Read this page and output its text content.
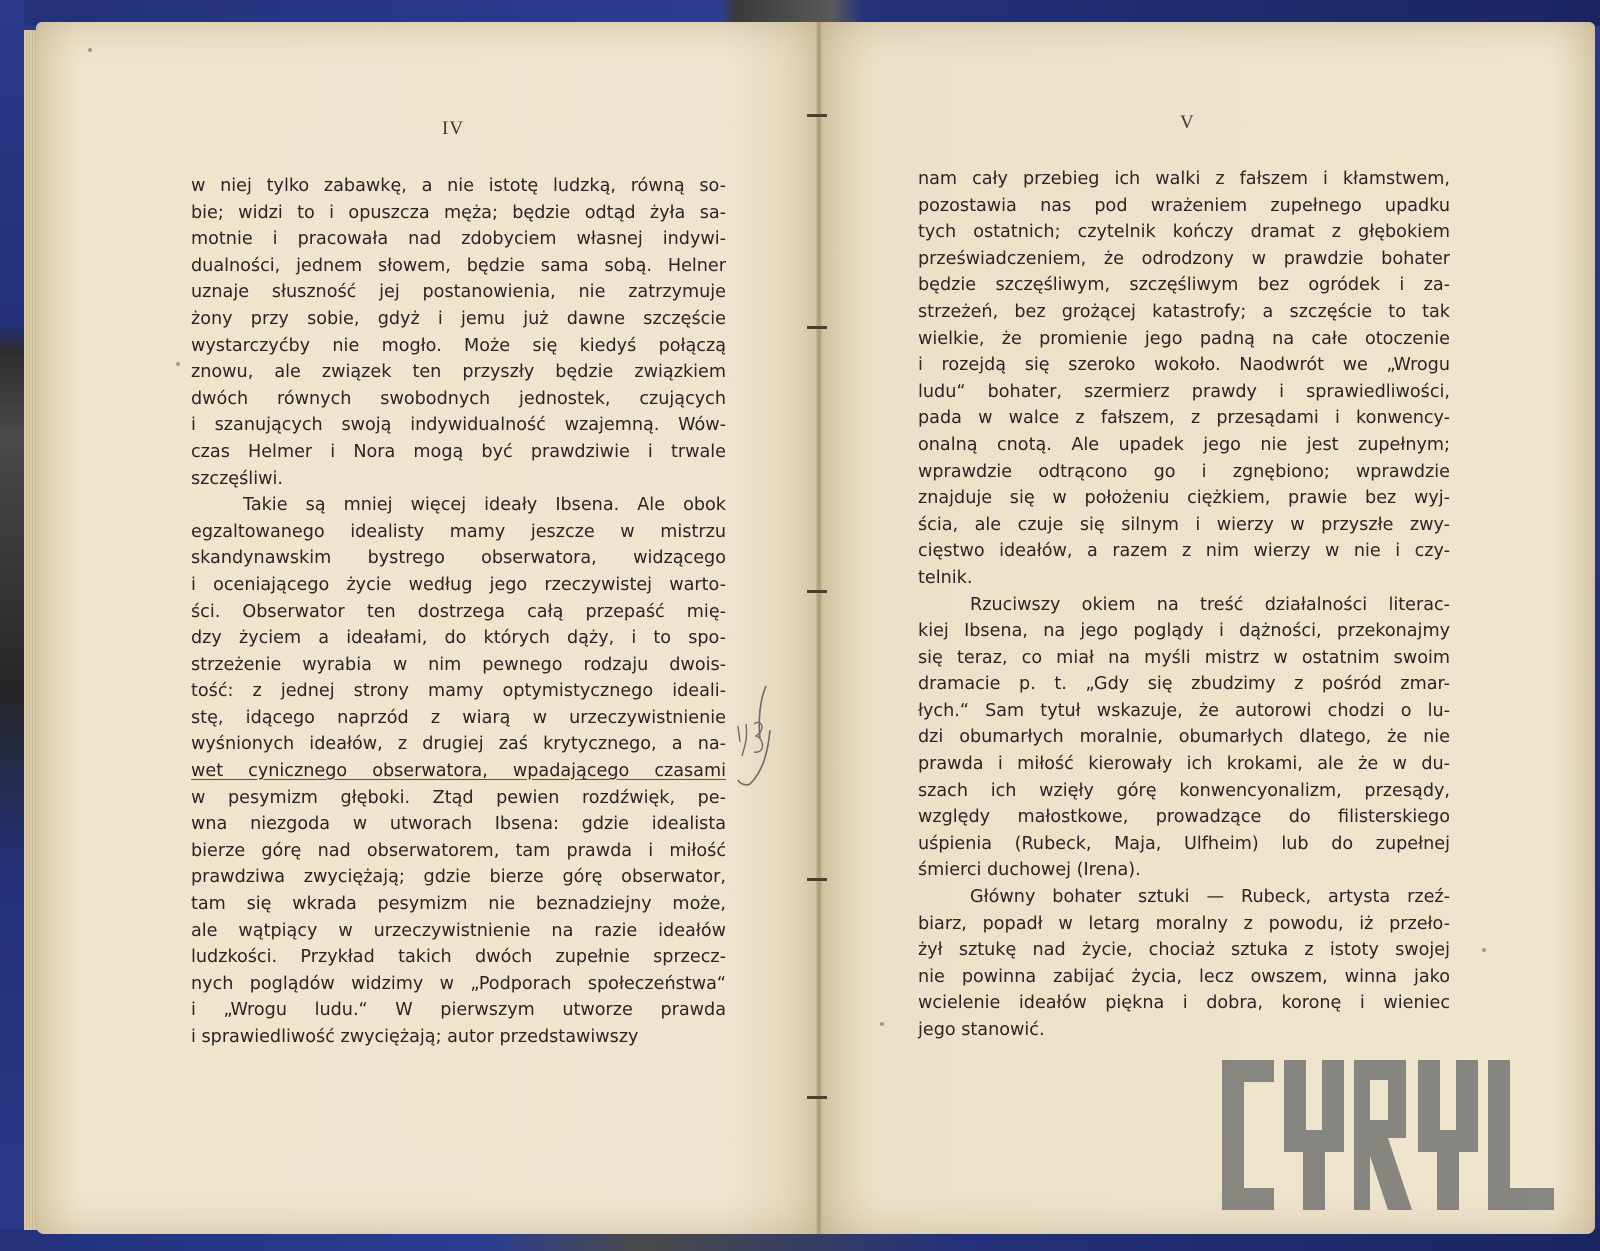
IV	V
w niej tylko zabawkę, a nie istotę ludzką, równą so-
bie; widzi to i opuszcza męża; będzie odtąd żyła sa-
motnie i pracowała nad zdobyciem własnej indywi-
dualności, jednem słowem, będzie sama sobą. Helner
uznaje słuszność jej postanowienia, nie zatrzymuje
żony przy sobie, gdyż i jemu już dawne szczęście
wystarczyćby nie mogło. Może się kiedyś połączą
znowu, ale związek ten przyszły będzie związkiem
dwóch równych swobodnych jednostek, czujących
i szanujących swoją indywidualność wzajemną. Wów-
czas Helmer i Nora mogą być prawdziwie i trwale
szczęśliwi.
Takie są mniej więcej ideały Ibsena. Ale obok
egzaltowanego idealisty mamy jeszcze w mistrzu
skandynawskim bystrego obserwatora, widzącego
i oceniającego życie według jego rzeczywistej warto-
ści. Obserwator ten dostrzega całą przepaść mię-
dzy życiem a ideałami, do których dąży, i to spo-
strzeżenie wyrabia w nim pewnego rodzaju dwois-
tość: z jednej strony mamy optymistycznego ideali-
stę, idącego naprzód z wiarą w urzeczywistnienie
wyśnionych ideałów, z drugiej zaś krytycznego, a na-
wet cynicznego obserwatora, wpadającego czasami
w pesymizm głęboki. Ztąd pewien rozdźwięk, pe-
wna niezgoda w utworach Ibsena: gdzie idealista
bierze górę nad obserwatorem, tam prawda i miłość
prawdziwa zwyciężają; gdzie bierze górę obserwator,
tam się wkrada pesymizm nie beznadziejny może,
ale wątpiący w urzeczywistnienie na razie ideałów
ludzkości. Przykład takich dwóch zupełnie sprzecz-
nych poglądów widzimy w „Podporach społeczeństwa“
i „Wrogu ludu.“ W pierwszym utworze prawda
i sprawiedliwość zwyciężają; autor przedstawiwszy
nam cały przebieg ich walki z fałszem i kłamstwem,
pozostawia nas pod wrażeniem zupełnego upadku
tych ostatnich; czytelnik kończy dramat z głębokiem
przeświadczeniem, że odrodzony w prawdzie bohater
będzie szczęśliwym, szczęśliwym bez ogródek i za-
strzeżeń, bez grożącej katastrofy; a szczęście to tak
wielkie, że promienie jego padną na całe otoczenie
i rozejdą się szeroko wokoło. Naodwrót we „Wrogu
ludu“ bohater, szermierz prawdy i sprawiedliwości,
pada w walce z fałszem, z przesądami i konwency-
onalną cnotą. Ale upadek jego nie jest zupełnym;
wprawdzie odtrącono go i zgnębiono; wprawdzie
znajduje się w położeniu ciężkiem, prawie bez wyj-
ścia, ale czuje się silnym i wierzy w przyszłe zwy-
cięstwo ideałów, a razem z nim wierzy w nie i czy-
telnik.
Rzuciwszy okiem na treść działalności literac-
kiej Ibsena, na jego poglądy i dążności, przekonajmy
się teraz, co miał na myśli mistrz w ostatnim swoim
dramacie p. t. „Gdy się zbudzimy z pośród zmar-
łych.“ Sam tytuł wskazuje, że autorowi chodzi o lu-
dzi obumarłych moralnie, obumarłych dlatego, że nie
prawda i miłość kierowały ich krokami, ale że w du-
szach ich wzięły górę konwencyonalizm, przesądy,
względy małostkowe, prowadzące do filisterskiego
uśpienia (Rubeck, Maja, Ulfheim) lub do zupełnej
śmierci duchowej (Irena).
Główny bohater sztuki — Rubeck, artysta rzeź-
biarz, popadł w letarg moralny z powodu, iż przeło-
żył sztukę nad życie, chociaż sztuka z istoty swojej
nie powinna zabijać życia, lecz owszem, winna jako
wcielenie ideałów piękna i dobra, koronę i wieniec
jego stanowić.
